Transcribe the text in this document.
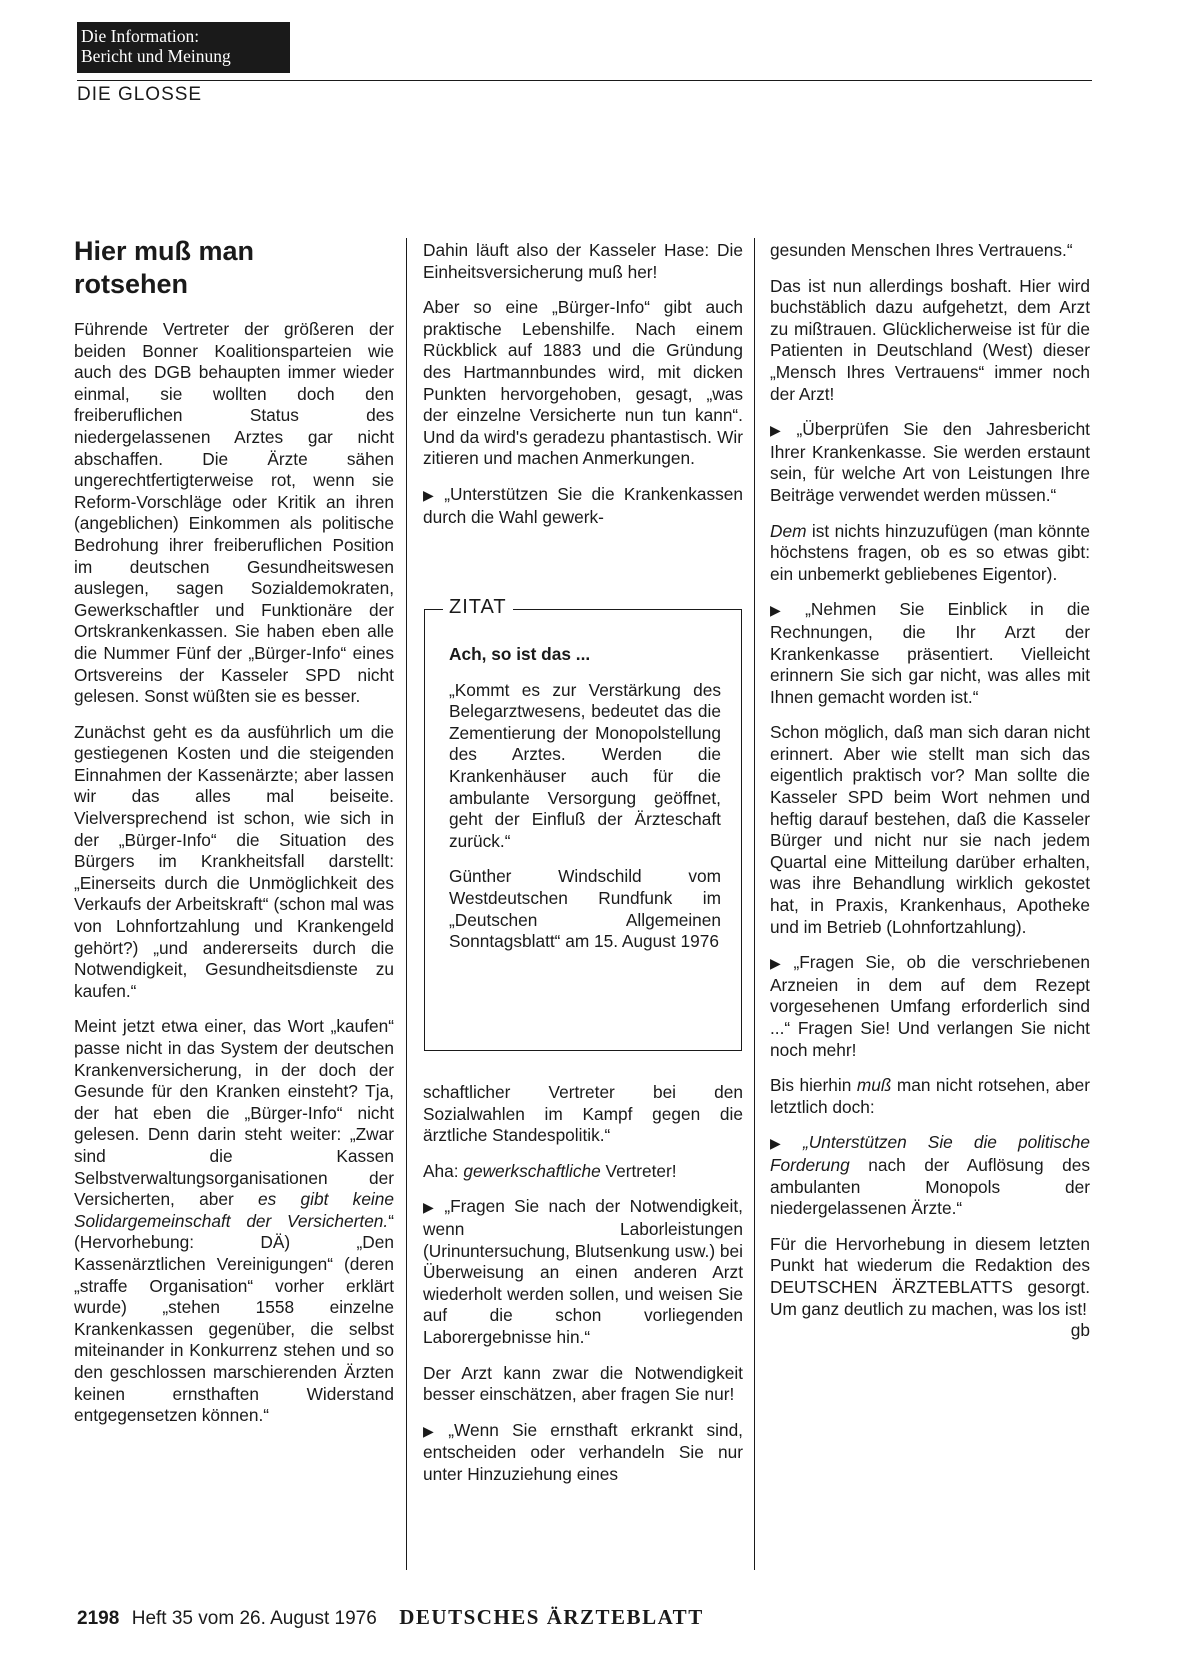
Die Information:
Bericht und Meinung
DIE GLOSSE
Hier muß man
rotsehen

Führende Vertreter der größeren der beiden Bonner Koalitionsparteien wie auch des DGB behaupten immer wieder einmal, sie wollten doch den freiberuflichen Status des niedergelassenen Arztes gar nicht abschaffen. Die Ärzte sähen ungerechtfertigterweise rot, wenn sie Reform-Vorschläge oder Kritik an ihren (angeblichen) Einkommen als politische Bedrohung ihrer freiberuflichen Position im deutschen Gesundheitswesen auslegen, sagen Sozialdemokraten, Gewerkschaftler und Funktionäre der Ortskrankenkassen. Sie haben eben alle die Nummer Fünf der „Bürger-Info“ eines Ortsvereins der Kasseler SPD nicht gelesen. Sonst wüßten sie es besser.

Zunächst geht es da ausführlich um die gestiegenen Kosten und die steigenden Einnahmen der Kassenärzte; aber lassen wir das alles mal beiseite. Vielversprechend ist schon, wie sich in der „Bürger-Info“ die Situation des Bürgers im Krankheitsfall darstellt: „Einerseits durch die Unmöglichkeit des Verkaufs der Arbeitskraft“ (schon mal was von Lohnfortzahlung und Krankengeld gehört?) „und andererseits durch die Notwendigkeit, Gesundheitsdienste zu kaufen.“

Meint jetzt etwa einer, das Wort „kaufen“ passe nicht in das System der deutschen Krankenversicherung, in der doch der Gesunde für den Kranken einsteht? Tja, der hat eben die „Bürger-Info“ nicht gelesen. Denn darin steht weiter: „Zwar sind die Kassen Selbstverwaltungsorganisationen der Versicherten, aber es gibt keine Solidargemeinschaft der Versicherten.“ (Hervorhebung: DÄ) „Den Kassenärztlichen Vereinigungen“ (deren „straffe Organisation“ vorher erklärt wurde) „stehen 1558 einzelne Krankenkassen gegenüber, die selbst miteinander in Konkurrenz stehen und so den geschlossen marschierenden Ärzten keinen ernsthaften Widerstand entgegensetzen können.“

Dahin läuft also der Kasseler Hase: Die Einheitsversicherung muß her!

Aber so eine „Bürger-Info“ gibt auch praktische Lebenshilfe. Nach einem Rückblick auf 1883 und die Gründung des Hartmannbundes wird, mit dicken Punkten hervorgehoben, gesagt, „was der einzelne Versicherte nun tun kann“. Und da wird's geradezu phantastisch. Wir zitieren und machen Anmerkungen.

▶ „Unterstützen Sie die Krankenkassen durch die Wahl gewerk-

ZITAT

Ach, so ist das ...

„Kommt es zur Verstärkung des Belegarztwesens, bedeutet das die Zementierung der Monopolstellung des Arztes. Werden die Krankenhäuser auch für die ambulante Versorgung geöffnet, geht der Einfluß der Ärzteschaft zurück.“

Günther Windschild vom Westdeutschen Rundfunk im „Deutschen Allgemeinen Sonntagsblatt“ am 15. August 1976

schaftlicher Vertreter bei den Sozialwahlen im Kampf gegen die ärztliche Standespolitik.“

Aha: gewerkschaftliche Vertreter!

▶ „Fragen Sie nach der Notwendigkeit, wenn Laborleistungen (Urinuntersuchung, Blutsenkung usw.) bei Überweisung an einen anderen Arzt wiederholt werden sollen, und weisen Sie auf die schon vorliegenden Laborergebnisse hin.“

Der Arzt kann zwar die Notwendigkeit besser einschätzen, aber fragen Sie nur!

▶ „Wenn Sie ernsthaft erkrankt sind, entscheiden oder verhandeln Sie nur unter Hinzuziehung eines

gesunden Menschen Ihres Vertrauens.“

Das ist nun allerdings boshaft. Hier wird buchstäblich dazu aufgehetzt, dem Arzt zu mißtrauen. Glücklicherweise ist für die Patienten in Deutschland (West) dieser „Mensch Ihres Vertrauens“ immer noch der Arzt!

▶ „Überprüfen Sie den Jahresbericht Ihrer Krankenkasse. Sie werden erstaunt sein, für welche Art von Leistungen Ihre Beiträge verwendet werden müssen.“

Dem ist nichts hinzuzufügen (man könnte höchstens fragen, ob es so etwas gibt: ein unbemerkt gebliebenes Eigentor).

▶ „Nehmen Sie Einblick in die Rechnungen, die Ihr Arzt der Krankenkasse präsentiert. Vielleicht erinnern Sie sich gar nicht, was alles mit Ihnen gemacht worden ist.“

Schon möglich, daß man sich daran nicht erinnert. Aber wie stellt man sich das eigentlich praktisch vor? Man sollte die Kasseler SPD beim Wort nehmen und heftig darauf bestehen, daß die Kasseler Bürger und nicht nur sie nach jedem Quartal eine Mitteilung darüber erhalten, was ihre Behandlung wirklich gekostet hat, in Praxis, Krankenhaus, Apotheke und im Betrieb (Lohnfortzahlung).

▶ „Fragen Sie, ob die verschriebenen Arzneien in dem auf dem Rezept vorgesehenen Umfang erforderlich sind ...“ Fragen Sie! Und verlangen Sie nicht noch mehr!

Bis hierhin muß man nicht rotsehen, aber letztlich doch:

▶ „Unterstützen Sie die politische Forderung nach der Auflösung des ambulanten Monopols der niedergelassenen Ärzte.“

Für die Hervorhebung in diesem letzten Punkt hat wiederum die Redaktion des DEUTSCHEN ÄRZTEBLATTS gesorgt. Um ganz deutlich zu machen, was los ist!
gb

2198 Heft 35 vom 26. August 1976 DEUTSCHES ÄRZTEBLATT
